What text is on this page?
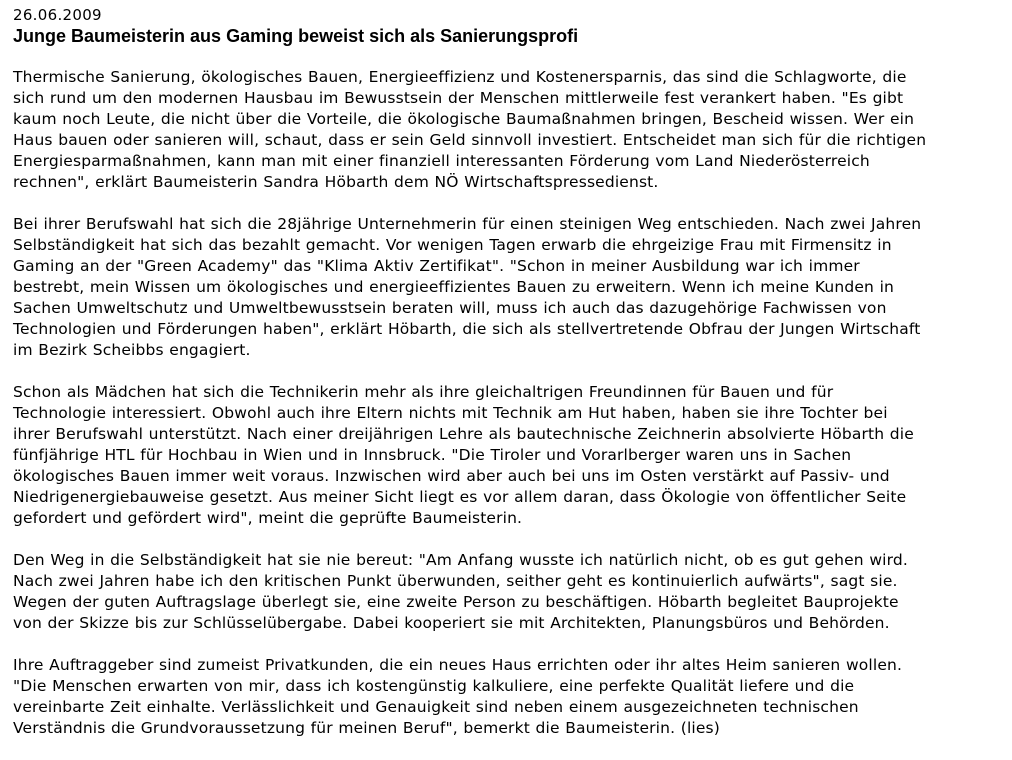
26.06.2009
Junge Baumeisterin aus Gaming beweist sich als Sanierungsprofi
Thermische Sanierung, ökologisches Bauen, Energieeffizienz und Kostenersparnis, das sind die Schlagworte, die
sich rund um den modernen Hausbau im Bewusstsein der Menschen mittlerweile fest verankert haben. "Es gibt
kaum noch Leute, die nicht über die Vorteile, die ökologische Baumaßnahmen bringen, Bescheid wissen. Wer ein
Haus bauen oder sanieren will, schaut, dass er sein Geld sinnvoll investiert. Entscheidet man sich für die richtigen
Energiesparmaßnahmen, kann man mit einer finanziell interessanten Förderung vom Land Niederösterreich
rechnen", erklärt Baumeisterin Sandra Höbarth dem NÖ Wirtschaftspressedienst.
Bei ihrer Berufswahl hat sich die 28jährige Unternehmerin für einen steinigen Weg entschieden. Nach zwei Jahren
Selbständigkeit hat sich das bezahlt gemacht. Vor wenigen Tagen erwarb die ehrgeizige Frau mit Firmensitz in
Gaming an der "Green Academy" das "Klima Aktiv Zertifikat". "Schon in meiner Ausbildung war ich immer
bestrebt, mein Wissen um ökologisches und energieeffizientes Bauen zu erweitern. Wenn ich meine Kunden in
Sachen Umweltschutz und Umweltbewusstsein beraten will, muss ich auch das dazugehörige Fachwissen von
Technologien und Förderungen haben", erklärt Höbarth, die sich als stellvertretende Obfrau der Jungen Wirtschaft
im Bezirk Scheibbs engagiert.
Schon als Mädchen hat sich die Technikerin mehr als ihre gleichaltrigen Freundinnen für Bauen und für
Technologie interessiert. Obwohl auch ihre Eltern nichts mit Technik am Hut haben, haben sie ihre Tochter bei
ihrer Berufswahl unterstützt. Nach einer dreijährigen Lehre als bautechnische Zeichnerin absolvierte Höbarth die
fünfjährige HTL für Hochbau in Wien und in Innsbruck. "Die Tiroler und Vorarlberger waren uns in Sachen
ökologisches Bauen immer weit voraus. Inzwischen wird aber auch bei uns im Osten verstärkt auf Passiv- und
Niedrigenergiebauweise gesetzt. Aus meiner Sicht liegt es vor allem daran, dass Ökologie von öffentlicher Seite
gefordert und gefördert wird", meint die geprüfte Baumeisterin.
Den Weg in die Selbständigkeit hat sie nie bereut: "Am Anfang wusste ich natürlich nicht, ob es gut gehen wird.
Nach zwei Jahren habe ich den kritischen Punkt überwunden, seither geht es kontinuierlich aufwärts", sagt sie.
Wegen der guten Auftragslage überlegt sie, eine zweite Person zu beschäftigen. Höbarth begleitet Bauprojekte
von der Skizze bis zur Schlüsselübergabe. Dabei kooperiert sie mit Architekten, Planungsbüros und Behörden.
Ihre Auftraggeber sind zumeist Privatkunden, die ein neues Haus errichten oder ihr altes Heim sanieren wollen.
"Die Menschen erwarten von mir, dass ich kostengünstig kalkuliere, eine perfekte Qualität liefere und die
vereinbarte Zeit einhalte. Verlässlichkeit und Genauigkeit sind neben einem ausgezeichneten technischen
Verständnis die Grundvoraussetzung für meinen Beruf", bemerkt die Baumeisterin. (lies)
